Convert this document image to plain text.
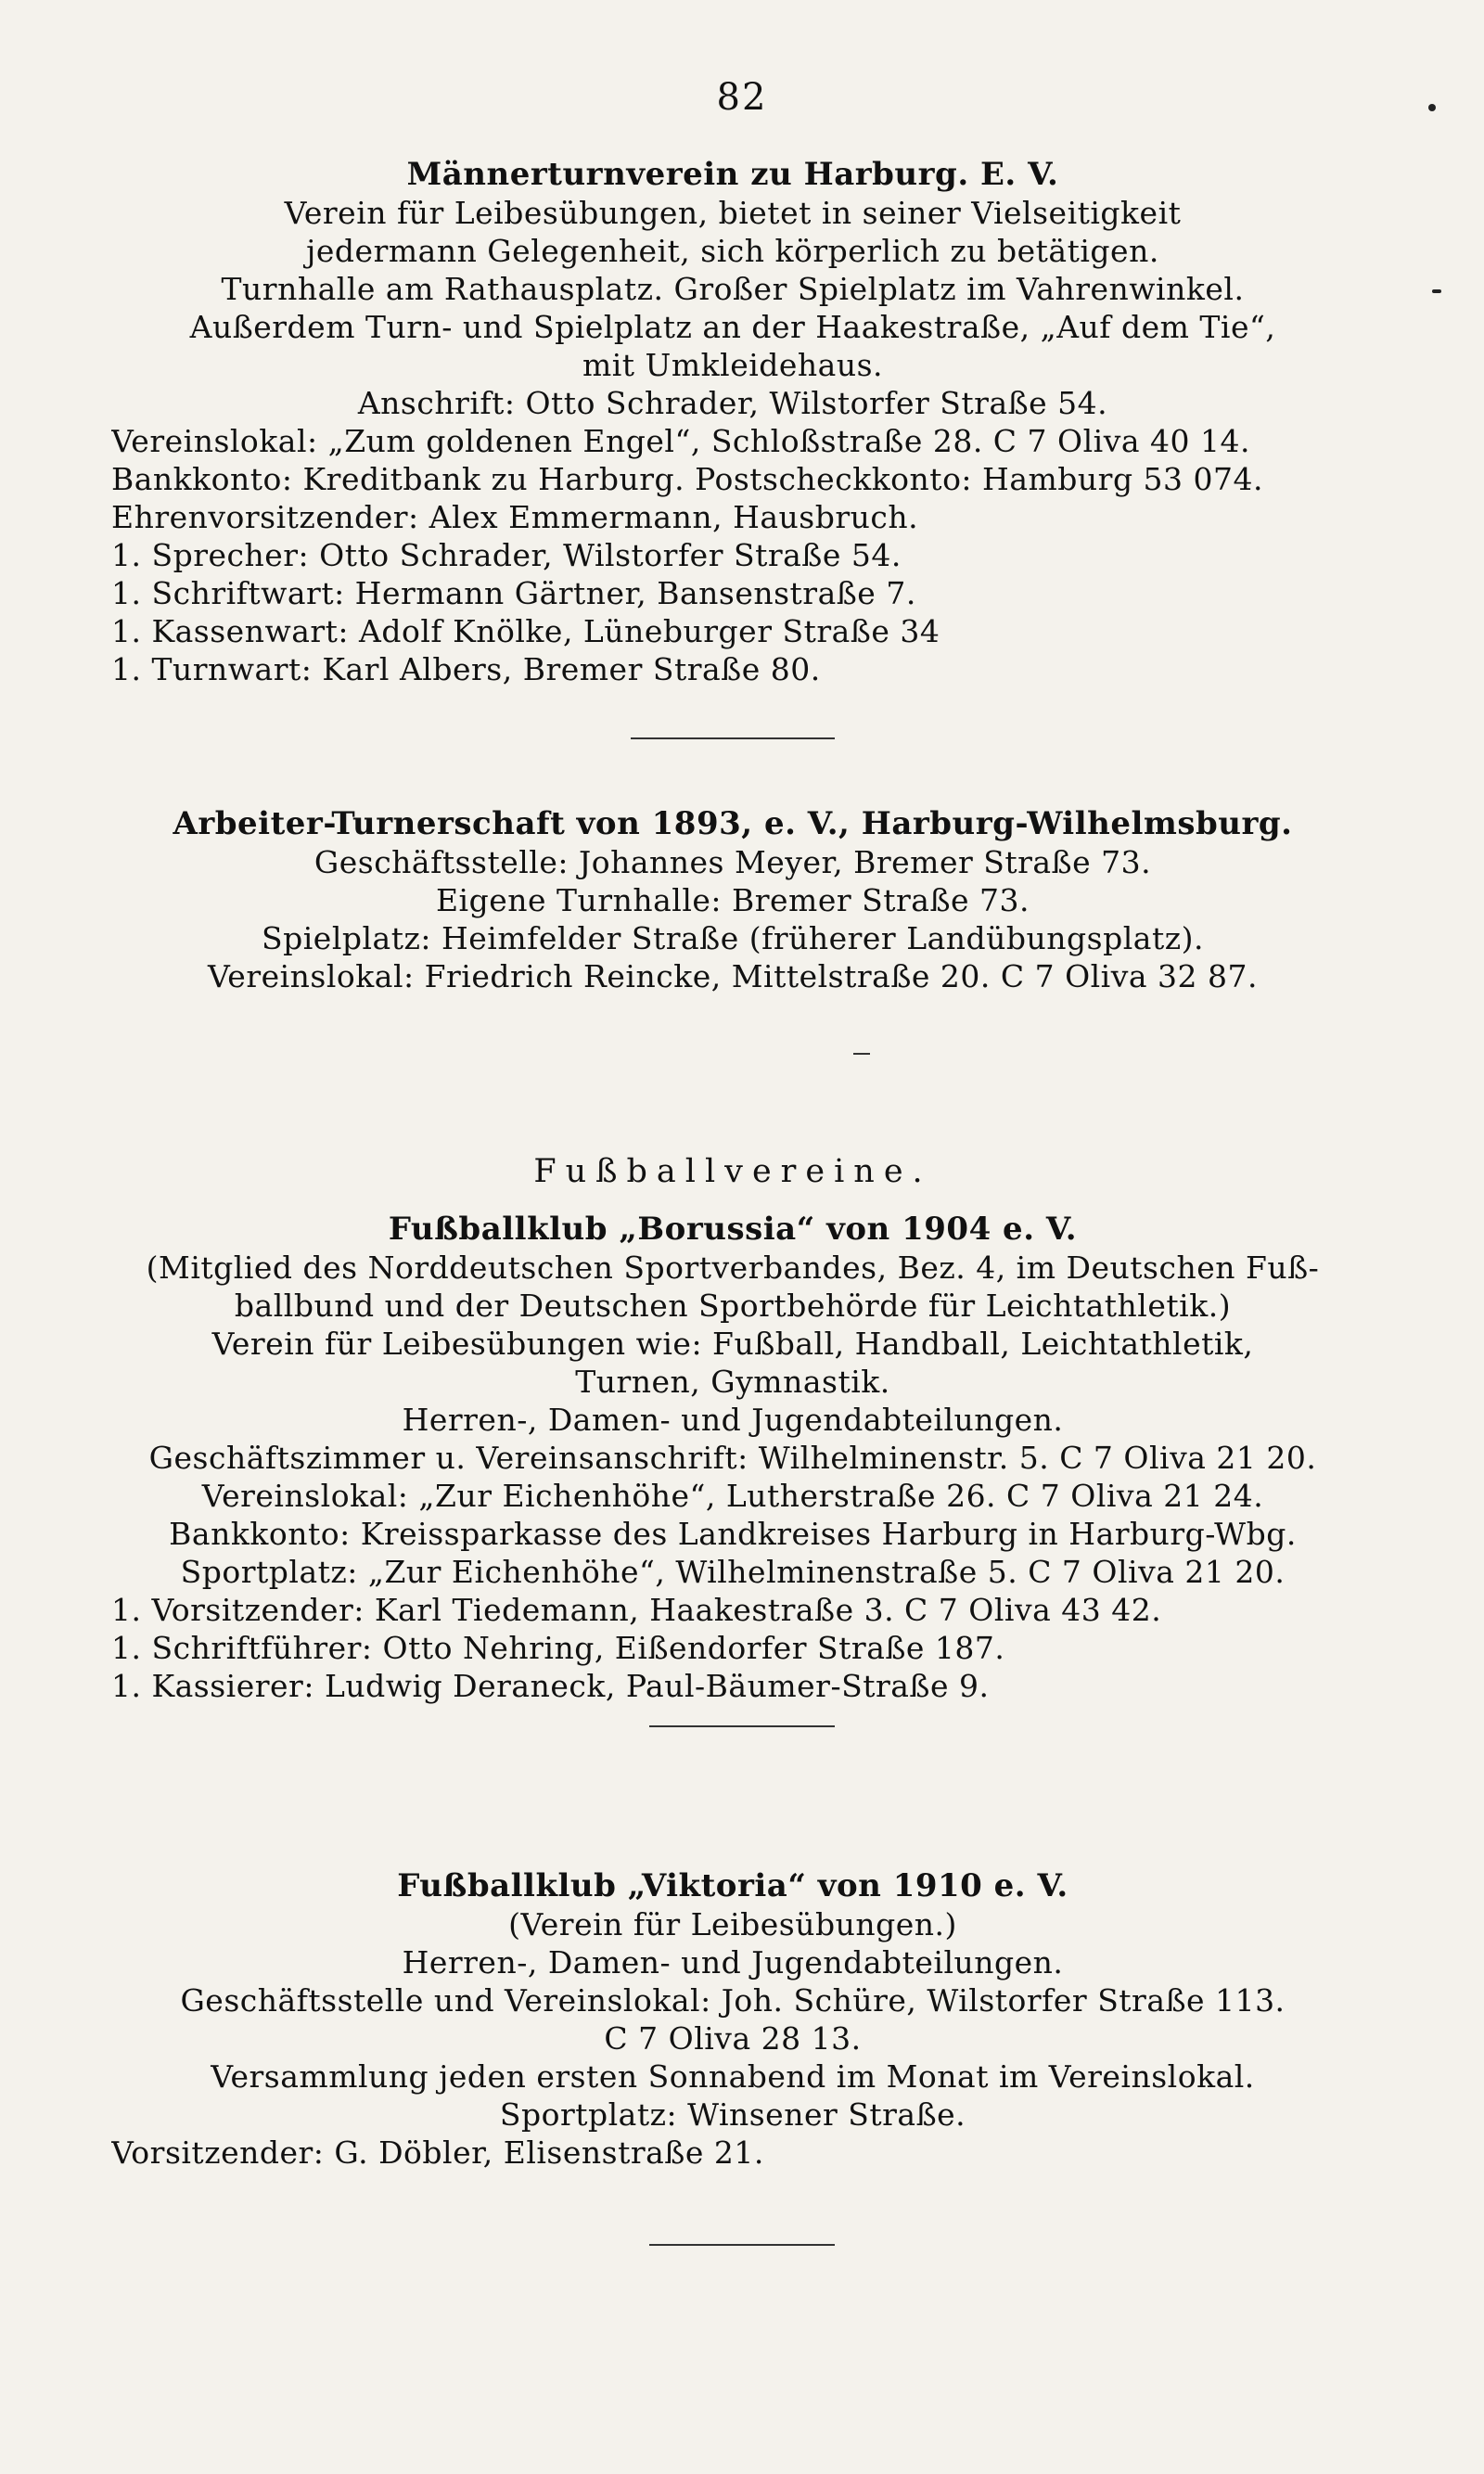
82
Männerturnverein zu Harburg. E. V.
Verein für Leibesübungen, bietet in seiner Vielseitigkeit
jedermann Gelegenheit, sich körperlich zu betätigen.
Turnhalle am Rathausplatz. Großer Spielplatz im Vahrenwinkel.
Außerdem Turn- und Spielplatz an der Haakestraße, „Auf dem Tie“,
mit Umkleidehaus.
Anschrift: Otto Schrader, Wilstorfer Straße 54.
Vereinslokal: „Zum goldenen Engel“, Schloßstraße 28. C 7 Oliva 40 14.
Bankkonto: Kreditbank zu Harburg. Postscheckkonto: Hamburg 53 074.
Ehrenvorsitzender: Alex Emmermann, Hausbruch.
1. Sprecher: Otto Schrader, Wilstorfer Straße 54.
1. Schriftwart: Hermann Gärtner, Bansenstraße 7.
1. Kassenwart: Adolf Knölke, Lüneburger Straße 34
1. Turnwart: Karl Albers, Bremer Straße 80.
Arbeiter-Turnerschaft von 1893, e. V., Harburg-Wilhelmsburg.
Geschäftsstelle: Johannes Meyer, Bremer Straße 73.
Eigene Turnhalle: Bremer Straße 73.
Spielplatz: Heimfelder Straße (früherer Landübungsplatz).
Vereinslokal: Friedrich Reincke, Mittelstraße 20. C 7 Oliva 32 87.
Fußballvereine.
Fußballklub „Borussia“ von 1904 e. V.
(Mitglied des Norddeutschen Sportverbandes, Bez. 4, im Deutschen Fuß-
ballbund und der Deutschen Sportbehörde für Leichtathletik.)
Verein für Leibesübungen wie: Fußball, Handball, Leichtathletik,
Turnen, Gymnastik.
Herren-, Damen- und Jugendabteilungen.
Geschäftszimmer u. Vereinsanschrift: Wilhelminenstr. 5. C 7 Oliva 21 20.
Vereinslokal: „Zur Eichenhöhe“, Lutherstraße 26. C 7 Oliva 21 24.
Bankkonto: Kreissparkasse des Landkreises Harburg in Harburg-Wbg.
Sportplatz: „Zur Eichenhöhe“, Wilhelminenstraße 5. C 7 Oliva 21 20.
1. Vorsitzender: Karl Tiedemann, Haakestraße 3. C 7 Oliva 43 42.
1. Schriftführer: Otto Nehring, Eißendorfer Straße 187.
1. Kassierer: Ludwig Deraneck, Paul-Bäumer-Straße 9.
Fußballklub „Viktoria“ von 1910 e. V.
(Verein für Leibesübungen.)
Herren-, Damen- und Jugendabteilungen.
Geschäftsstelle und Vereinslokal: Joh. Schüre, Wilstorfer Straße 113.
C 7 Oliva 28 13.
Versammlung jeden ersten Sonnabend im Monat im Vereinslokal.
Sportplatz: Winsener Straße.
Vorsitzender: G. Döbler, Elisenstraße 21.
